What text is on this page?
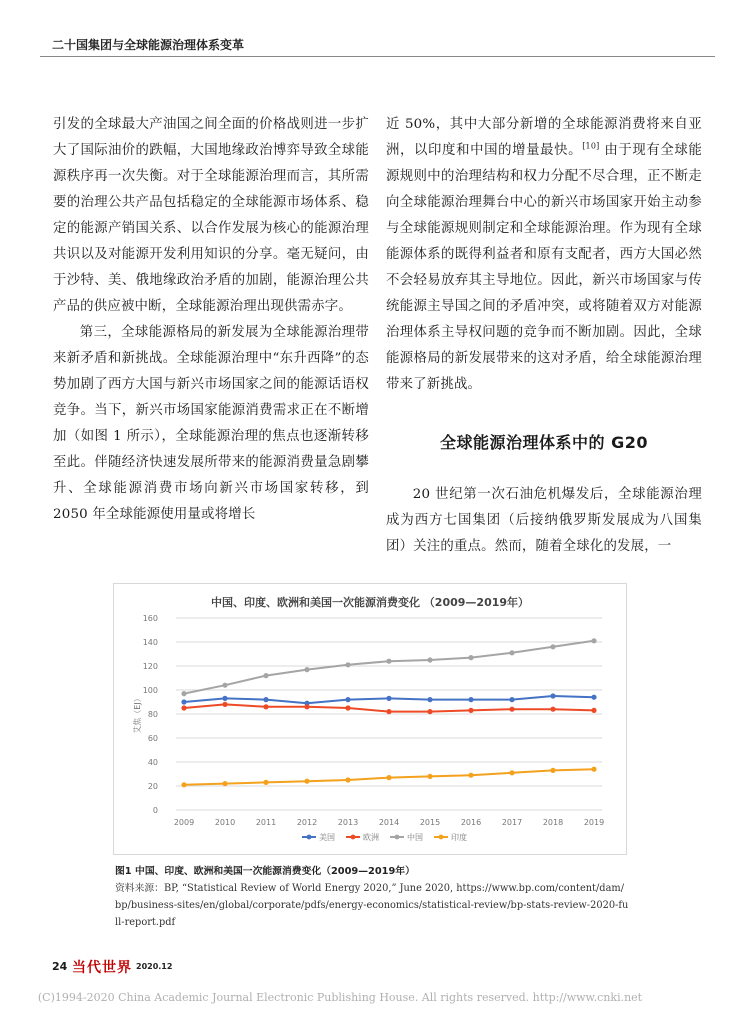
二十国集团与全球能源治理体系变革

引发的全球最大产油国之间全面的价格战则进一步扩大了国际油价的跌幅，大国地缘政治博弈导致全球能源秩序再一次失衡。对于全球能源治理而言，其所需要的治理公共产品包括稳定的全球能源市场体系、稳定的能源产销国关系、以合作发展为核心的能源治理共识以及对能源开发利用知识的分享。毫无疑问，由于沙特、美、俄地缘政治矛盾的加剧，能源治理公共产品的供应被中断，全球能源治理出现供需赤字。

第三，全球能源格局的新发展为全球能源治理带来新矛盾和新挑战。全球能源治理中“东升西降”的态势加剧了西方大国与新兴市场国家之间的能源话语权竞争。当下，新兴市场国家能源消费需求正在不断增加（如图 1 所示），全球能源治理的焦点也逐渐转移至此。伴随经济快速发展所带来的能源消费量急剧攀升、全球能源消费市场向新兴市场国家转移，到 2050 年全球能源使用量或将增长

近 50%，其中大部分新增的全球能源消费将来自亚洲，以印度和中国的增量最快。[10] 由于现有全球能源规则中的治理结构和权力分配不尽合理，正不断走向全球能源治理舞台中心的新兴市场国家开始主动参与全球能源规则制定和全球能源治理。作为现有全球能源体系的既得利益者和原有支配者，西方大国必然不会轻易放弃其主导地位。因此，新兴市场国家与传统能源主导国之间的矛盾冲突，或将随着双方对能源治理体系主导权问题的竞争而不断加剧。因此，全球能源格局的新发展带来的这对矛盾，给全球能源治理带来了新挑战。

全球能源治理体系中的 G20

20 世纪第一次石油危机爆发后，全球能源治理成为西方七国集团（后接纳俄罗斯发展成为八国集团）关注的重点。然而，随着全球化的发展，一

中国、印度、欧洲和美国一次能源消费变化 （2009—2019年）
0
20
40
60
80
100
120
140
160
艾焦（EJ）
2009	2010	2011	2012	2013	2014	2015	2016	2017	2018	2019
美国	欧洲	中国	印度
图1 中国、印度、欧洲和美国一次能源消费变化（2009—2019年）
资料来源：BP, “Statistical Review of World Energy 2020,” June 2020, https://www.bp.com/content/dam/bp/business-sites/en/global/corporate/pdfs/energy-economics/statistical-review/bp-stats-review-2020-full-report.pdf
24 当代世界 2020.12
(C)1994-2020 China Academic Journal Electronic Publishing House. All rights reserved. http://www.cnki.net
